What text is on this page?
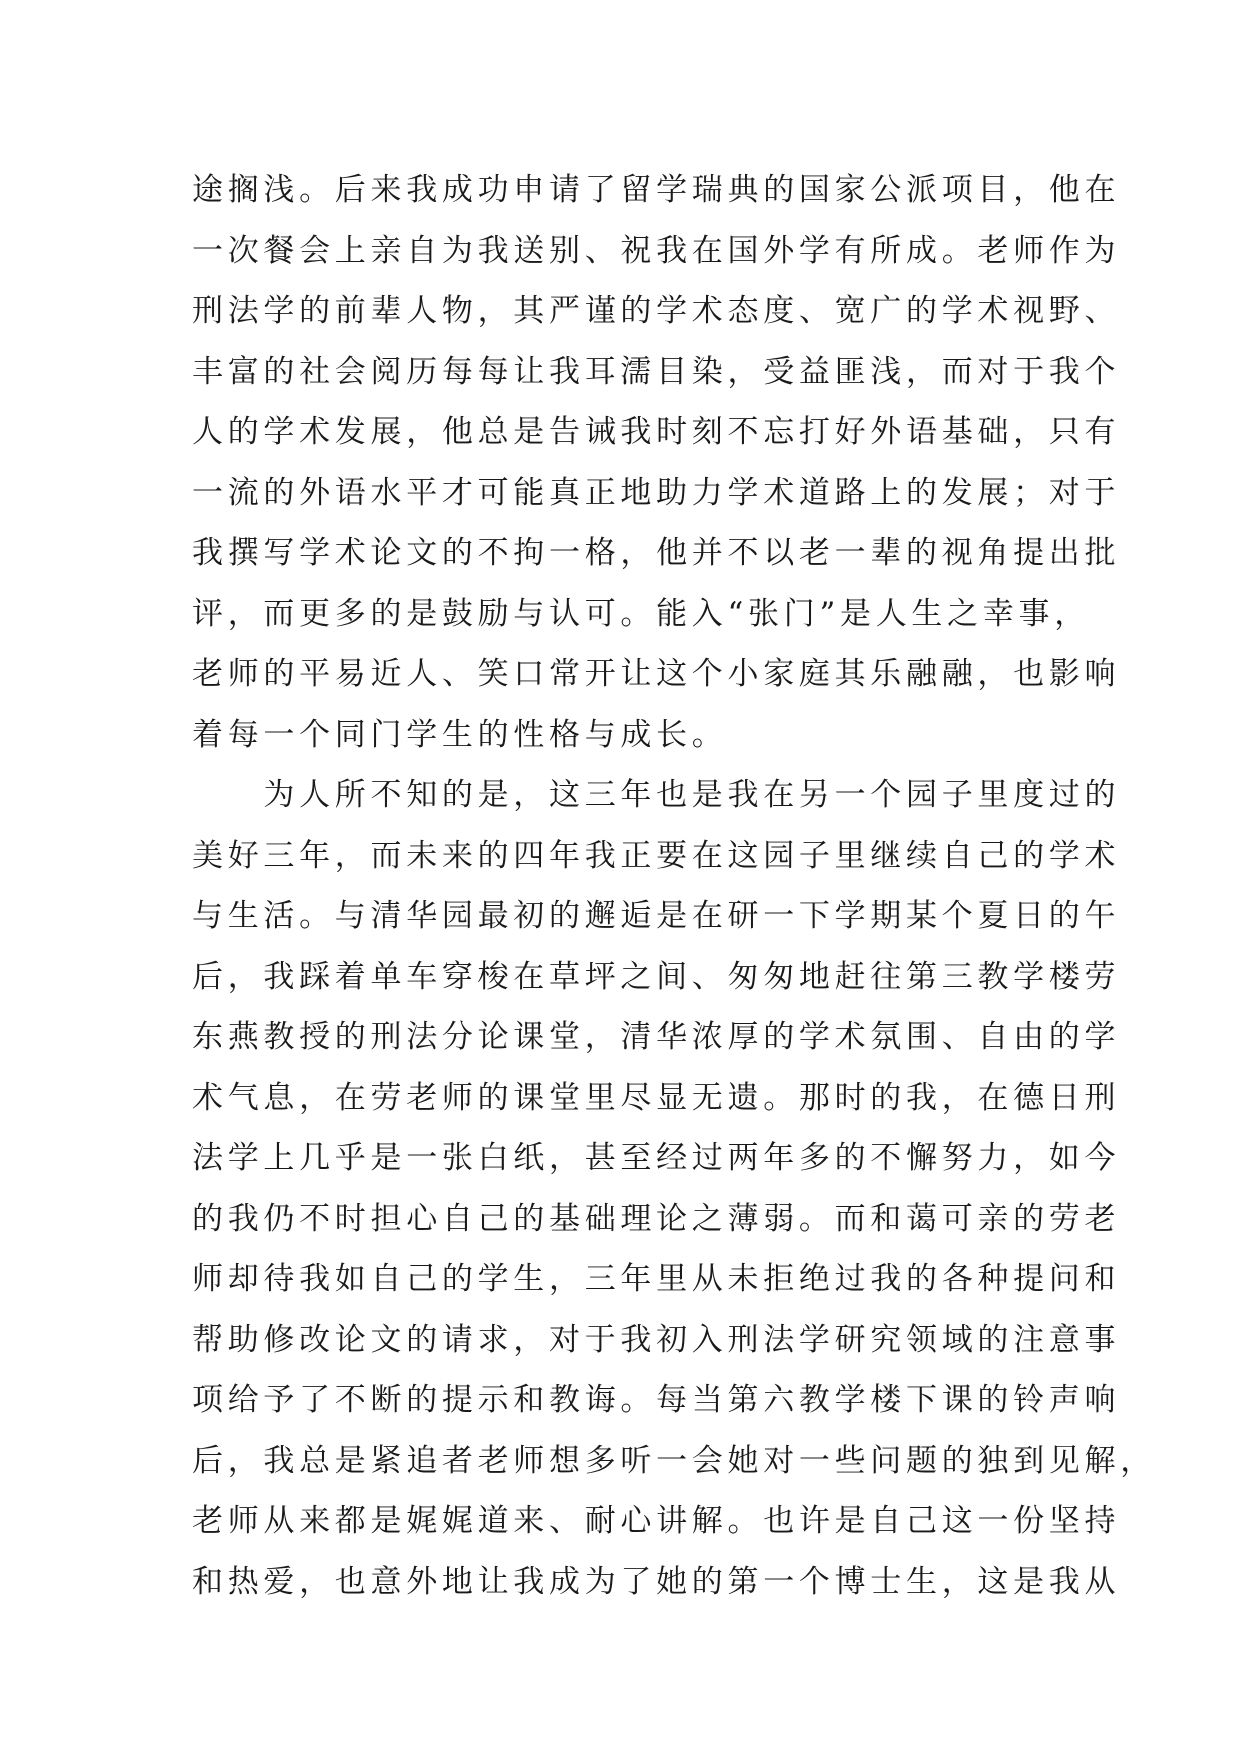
途搁浅。后来我成功申请了留学瑞典的国家公派项目，他在
一次餐会上亲自为我送别、祝我在国外学有所成。老师作为
刑法学的前辈人物，其严谨的学术态度、宽广的学术视野、
丰富的社会阅历每每让我耳濡目染，受益匪浅，而对于我个
人的学术发展，他总是告诫我时刻不忘打好外语基础，只有
一流的外语水平才可能真正地助力学术道路上的发展；对于
我撰写学术论文的不拘一格，他并不以老一辈的视角提出批
评，而更多的是鼓励与认可。能入“张门”是人生之幸事，
老师的平易近人、笑口常开让这个小家庭其乐融融，也影响
着每一个同门学生的性格与成长。
　　为人所不知的是，这三年也是我在另一个园子里度过的
美好三年，而未来的四年我正要在这园子里继续自己的学术
与生活。与清华园最初的邂逅是在研一下学期某个夏日的午
后，我踩着单车穿梭在草坪之间、匆匆地赶往第三教学楼劳
东燕教授的刑法分论课堂，清华浓厚的学术氛围、自由的学
术气息，在劳老师的课堂里尽显无遗。那时的我，在德日刑
法学上几乎是一张白纸，甚至经过两年多的不懈努力，如今
的我仍不时担心自己的基础理论之薄弱。而和蔼可亲的劳老
师却待我如自己的学生，三年里从未拒绝过我的各种提问和
帮助修改论文的请求，对于我初入刑法学研究领域的注意事
项给予了不断的提示和教诲。每当第六教学楼下课的铃声响
后，我总是紧追者老师想多听一会她对一些问题的独到见解，
老师从来都是娓娓道来、耐心讲解。也许是自己这一份坚持
和热爱，也意外地让我成为了她的第一个博士生，这是我从
